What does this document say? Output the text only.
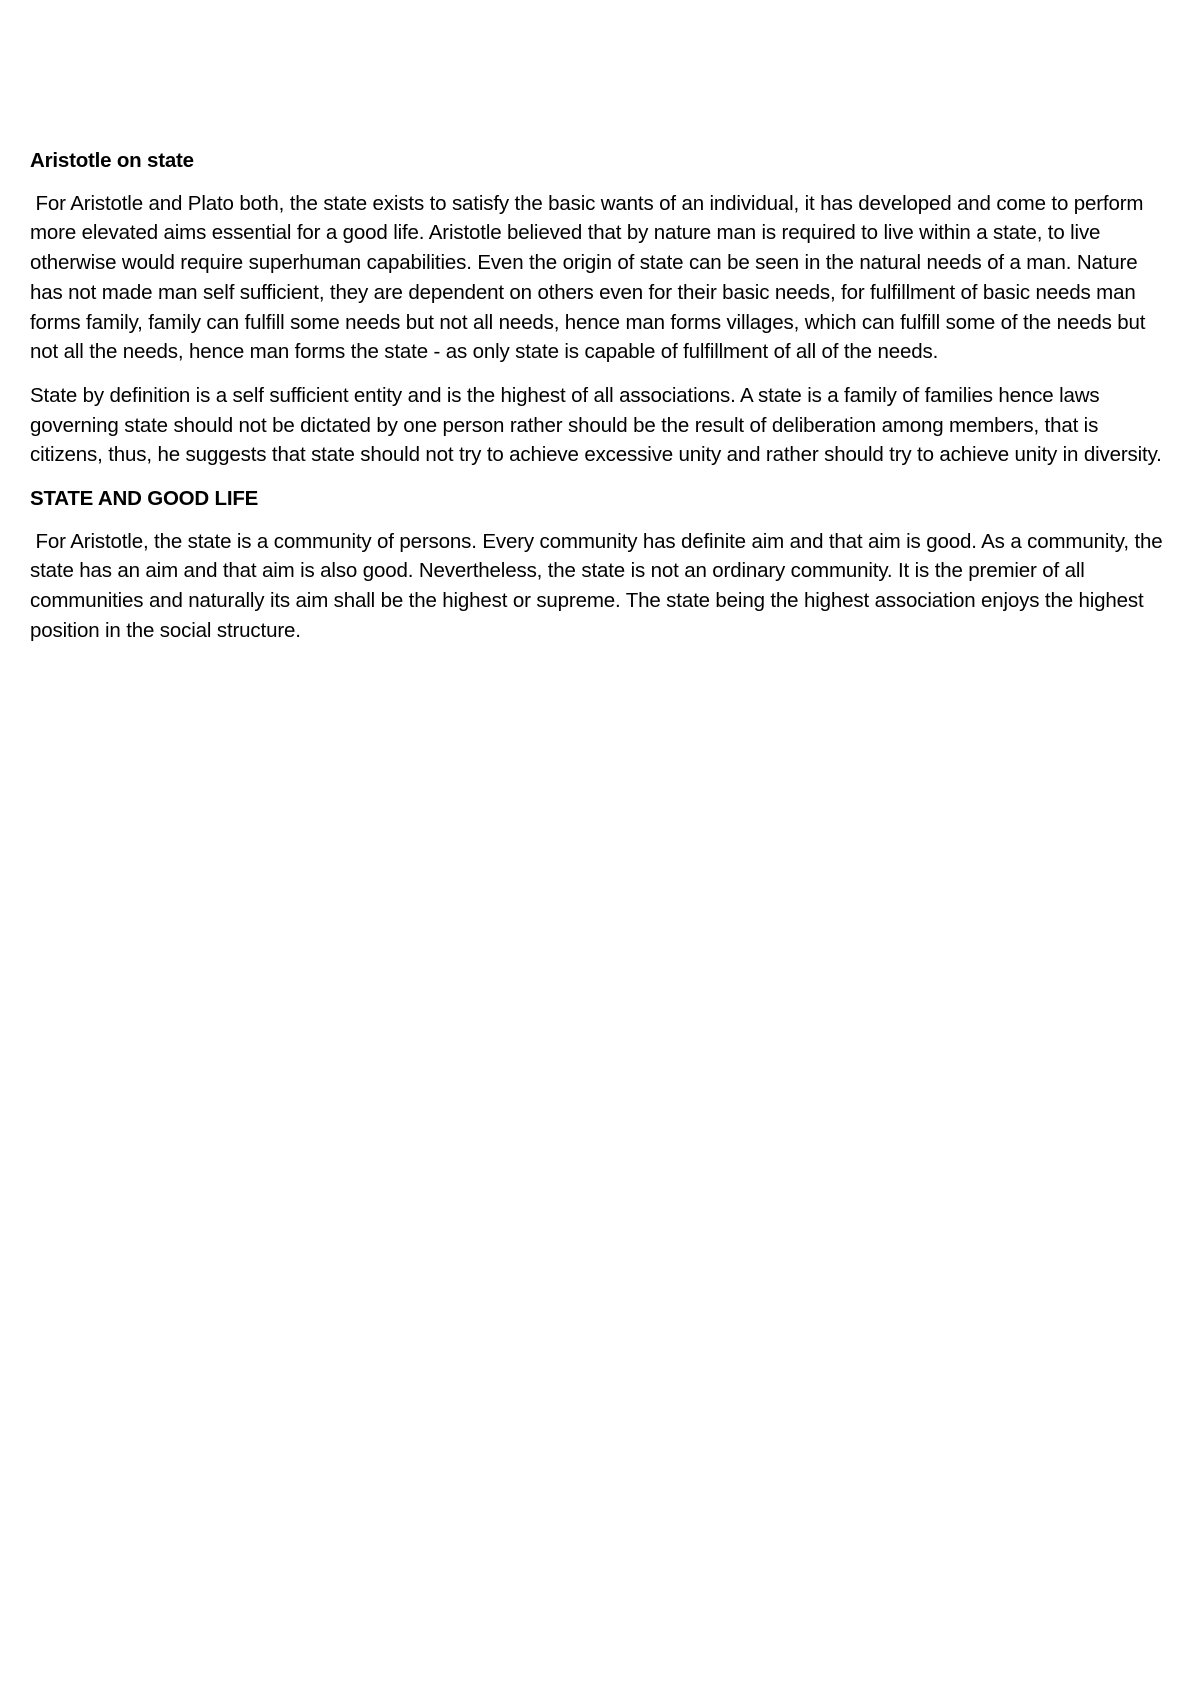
Aristotle on state

For Aristotle and Plato both, the state exists to satisfy the basic wants of an individual, it has developed and come to perform more elevated aims essential for a good life. Aristotle believed that by nature man is required to live within a state, to live otherwise would require superhuman capabilities. Even the origin of state can be seen in the natural needs of a man. Nature has not made man self sufficient, they are dependent on others even for their basic needs, for fulfillment of basic needs man forms family, family can fulfill some needs but not all needs, hence man forms villages, which can fulfill some of the needs but not all the needs, hence man forms the state - as only state is capable of fulfillment of all of the needs.

State by definition is a self sufficient entity and is the highest of all associations. A state is a family of families hence laws governing state should not be dictated by one person rather should be the result of deliberation among members, that is citizens, thus, he suggests that state should not try to achieve excessive unity and rather should try to achieve unity in diversity.

STATE AND GOOD LIFE

For Aristotle, the state is a community of persons. Every community has definite aim and that aim is good. As a community, the state has an aim and that aim is also good. Nevertheless, the state is not an ordinary community. It is the premier of all communities and naturally its aim shall be the highest or supreme. The state being the highest association enjoys the highest position in the social structure.
